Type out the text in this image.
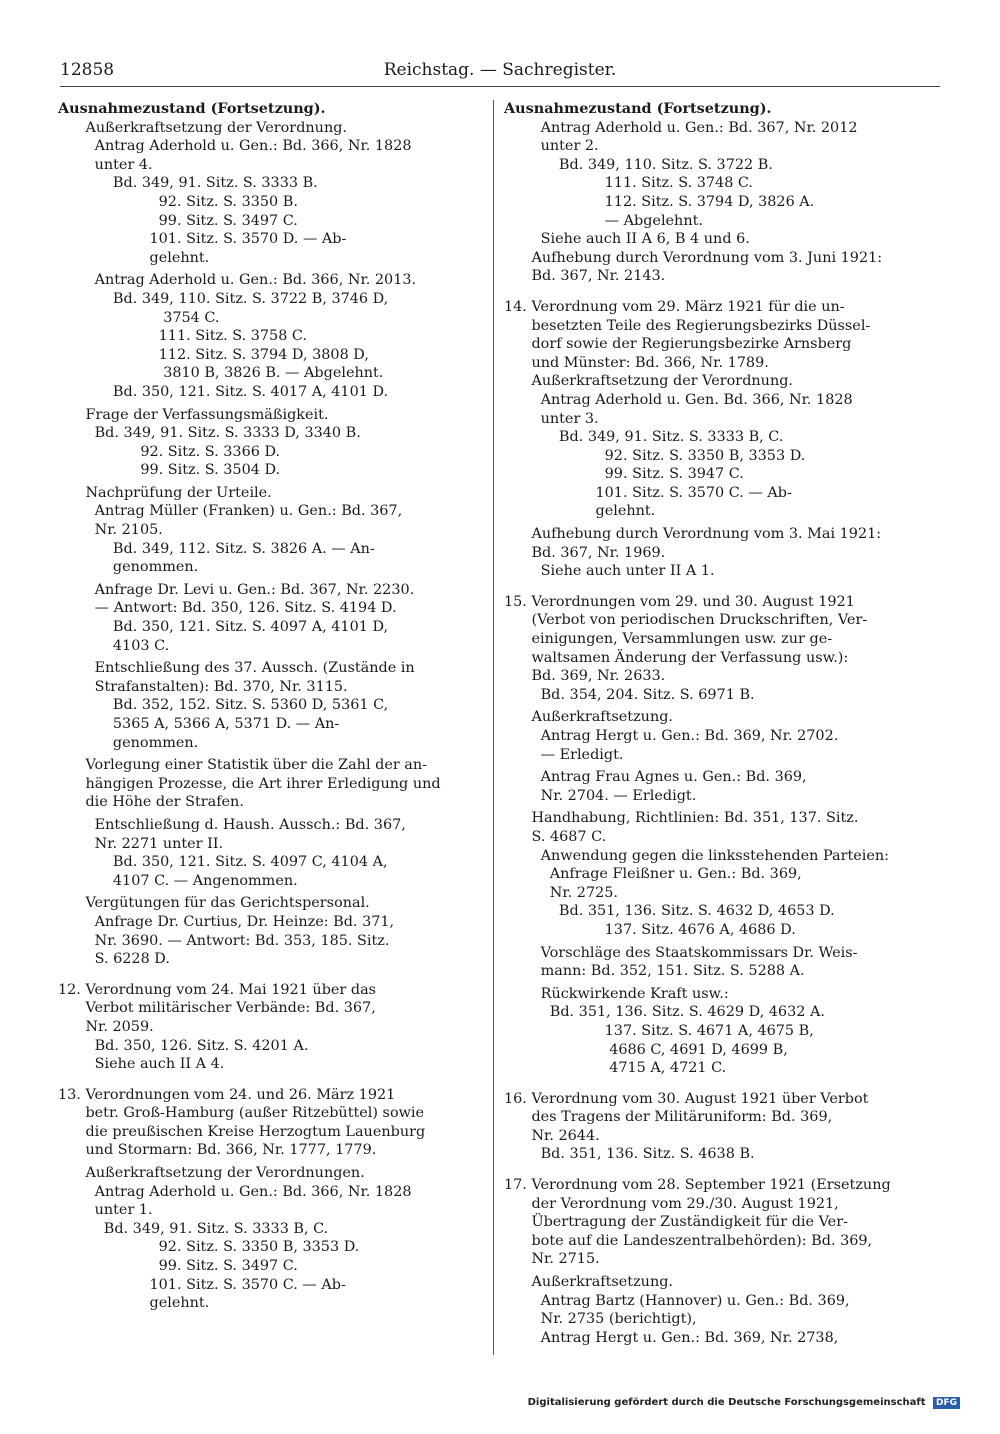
12858	Reichstag. — Sachregister.

Ausnahmezustand (Fortsetzung).

Außerkraftsetzung der Verordnung.

Antrag Aderhold u. Gen.: Bd. 366, Nr. 1828
unter 4.

Bd. 349, 91. Sitz. S. 3333 B.
92. Sitz. S. 3350 B.
99. Sitz. S. 3497 C.
101. Sitz. S. 3570 D. — Ab-
gelehnt.

Antrag Aderhold u. Gen.: Bd. 366, Nr. 2013.
Bd. 349, 110. Sitz. S. 3722 B, 3746 D,
3754 C.
111. Sitz. S. 3758 C.
112. Sitz. S. 3794 D, 3808 D,
3810 B, 3826 B. — Abgelehnt.
Bd. 350, 121. Sitz. S. 4017 A, 4101 D.

Frage der Verfassungsmäßigkeit.
Bd. 349, 91. Sitz. S. 3333 D, 3340 B.
92. Sitz. S. 3366 D.
99. Sitz. S. 3504 D.

Nachprüfung der Urteile.
Antrag Müller (Franken) u. Gen.: Bd. 367,
Nr. 2105.
Bd. 349, 112. Sitz. S. 3826 A. — An-
genommen.

Anfrage Dr. Levi u. Gen.: Bd. 367, Nr. 2230.
— Antwort: Bd. 350, 126. Sitz. S. 4194 D.
Bd. 350, 121. Sitz. S. 4097 A, 4101 D,
4103 C.

Entschließung des 37. Aussch. (Zustände in
Strafanstalten): Bd. 370, Nr. 3115.
Bd. 352, 152. Sitz. S. 5360 D, 5361 C,
5365 A, 5366 A, 5371 D. — An-
genommen.

Vorlegung einer Statistik über die Zahl der an-
hängigen Prozesse, die Art ihrer Erledigung und
die Höhe der Strafen.

Entschließung d. Haush. Aussch.: Bd. 367,
Nr. 2271 unter II.
Bd. 350, 121. Sitz. S. 4097 C, 4104 A,
4107 C. — Angenommen.

Vergütungen für das Gerichtspersonal.
Anfrage Dr. Curtius, Dr. Heinze: Bd. 371,
Nr. 3690. — Antwort: Bd. 353, 185. Sitz.
S. 6228 D.

12. Verordnung vom 24. Mai 1921 über das
Verbot militärischer Verbände: Bd. 367,
Nr. 2059.
Bd. 350, 126. Sitz. S. 4201 A.
Siehe auch II A 4.

13. Verordnungen vom 24. und 26. März 1921
betr. Groß-Hamburg (außer Ritzebüttel) sowie
die preußischen Kreise Herzogtum Lauenburg
und Stormarn: Bd. 366, Nr. 1777, 1779.

Außerkraftsetzung der Verordnungen.
Antrag Aderhold u. Gen.: Bd. 366, Nr. 1828
unter 1.
Bd. 349, 91. Sitz. S. 3333 B, C.
92. Sitz. S. 3350 B, 3353 D.
99. Sitz. S. 3497 C.
101. Sitz. S. 3570 C. — Ab-
gelehnt.

Ausnahmezustand (Fortsetzung).

Antrag Aderhold u. Gen.: Bd. 367, Nr. 2012
unter 2.
Bd. 349, 110. Sitz. S. 3722 B.
111. Sitz. S. 3748 C.
112. Sitz. S. 3794 D, 3826 A.
— Abgelehnt.

Siehe auch II A 6, B 4 und 6.
Aufhebung durch Verordnung vom 3. Juni 1921:
Bd. 367, Nr. 2143.

14. Verordnung vom 29. März 1921 für die un-
besetzten Teile des Regierungsbezirks Düssel-
dorf sowie der Regierungsbezirke Arnsberg
und Münster: Bd. 366, Nr. 1789.

Außerkraftsetzung der Verordnung.
Antrag Aderhold u. Gen. Bd. 366, Nr. 1828
unter 3.
Bd. 349, 91. Sitz. S. 3333 B, C.
92. Sitz. S. 3350 B, 3353 D.
99. Sitz. S. 3947 C.
101. Sitz. S. 3570 C. — Ab-
gelehnt.

Aufhebung durch Verordnung vom 3. Mai 1921:
Bd. 367, Nr. 1969.
Siehe auch unter II A 1.

15. Verordnungen vom 29. und 30. August 1921
(Verbot von periodischen Druckschriften, Ver-
einigungen, Versammlungen usw. zur ge-
waltsamen Änderung der Verfassung usw.):
Bd. 369, Nr. 2633.
Bd. 354, 204. Sitz. S. 6971 B.

Außerkraftsetzung.
Antrag Hergt u. Gen.: Bd. 369, Nr. 2702.
— Erledigt.

Antrag Frau Agnes u. Gen.: Bd. 369,
Nr. 2704. — Erledigt.

Handhabung, Richtlinien: Bd. 351, 137. Sitz.
S. 4687 C.
Anwendung gegen die linksstehenden Parteien:
Anfrage Fleißner u. Gen.: Bd. 369,
Nr. 2725.
Bd. 351, 136. Sitz. S. 4632 D, 4653 D.
137. Sitz. 4676 A, 4686 D.

Vorschläge des Staatskommissars Dr. Weis-
mann: Bd. 352, 151. Sitz. S. 5288 A.

Rückwirkende Kraft usw.:
Bd. 351, 136. Sitz. S. 4629 D, 4632 A.
137. Sitz. S. 4671 A, 4675 B,
4686 C, 4691 D, 4699 B,
4715 A, 4721 C.

16. Verordnung vom 30. August 1921 über Verbot
des Tragens der Militäruniform: Bd. 369,
Nr. 2644.
Bd. 351, 136. Sitz. S. 4638 B.

17. Verordnung vom 28. September 1921 (Ersetzung
der Verordnung vom 29./30. August 1921,
Übertragung der Zuständigkeit für die Ver-
bote auf die Landeszentralbehörden): Bd. 369,
Nr. 2715.

Außerkraftsetzung.
Antrag Bartz (Hannover) u. Gen.: Bd. 369,
Nr. 2735 (berichtigt),
Antrag Hergt u. Gen.: Bd. 369, Nr. 2738,

Digitalisierung gefördert durch die Deutsche Forschungsgemeinschaft DFG
